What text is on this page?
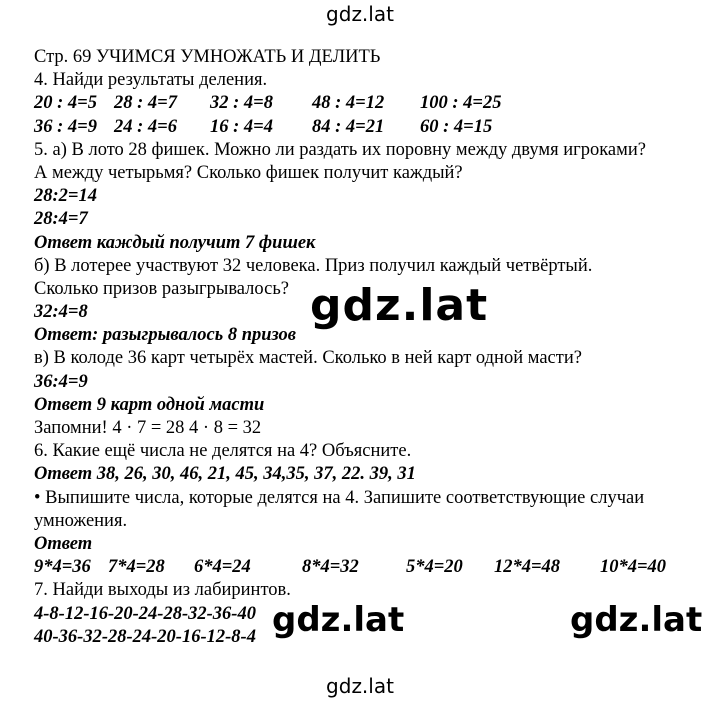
gdz.lat
Стр. 69 УЧИМСЯ УМНОЖАТЬ И ДЕЛИТЬ
4. Найди результаты деления.
20 : 4=5 28 : 4=7 32 : 4=8 48 : 4=12 100 : 4=25
36 : 4=9 24 : 4=6 16 : 4=4 84 : 4=21 60 : 4=15
5. а) В лото 28 фишек. Можно ли раздать их поровну между двумя игроками?
А между четырьмя? Сколько фишек получит каждый?
28:2=14
28:4=7
Ответ каждый получит 7 фишек
б) В лотерее участвуют 32 человека. Приз получил каждый четвёртый.
Сколько призов разыгрывалось?
32:4=8
Ответ: разыгрывалось 8 призов
в) В колоде 36 карт четырёх мастей. Сколько в ней карт одной масти?
36:4=9
Ответ 9 карт одной масти
Запомни! 4 · 7 = 28 4 · 8 = 32
6. Какие ещё числа не делятся на 4? Объясните.
Ответ 38, 26, 30, 46, 21, 45, 34,35, 37, 22. 39, 31
• Выпишите числа, которые делятся на 4. Запишите соответствующие случаи
умножения.
Ответ
9*4=36 7*4=28 6*4=24	8*4=32	5*4=20 12*4=48 10*4=40
7. Найди выходы из лабиринтов.
4-8-12-16-20-24-28-32-36-40
40-36-32-28-24-20-16-12-8-4
gdz.lat
gdz.lat	gdz.lat
gdz.lat
